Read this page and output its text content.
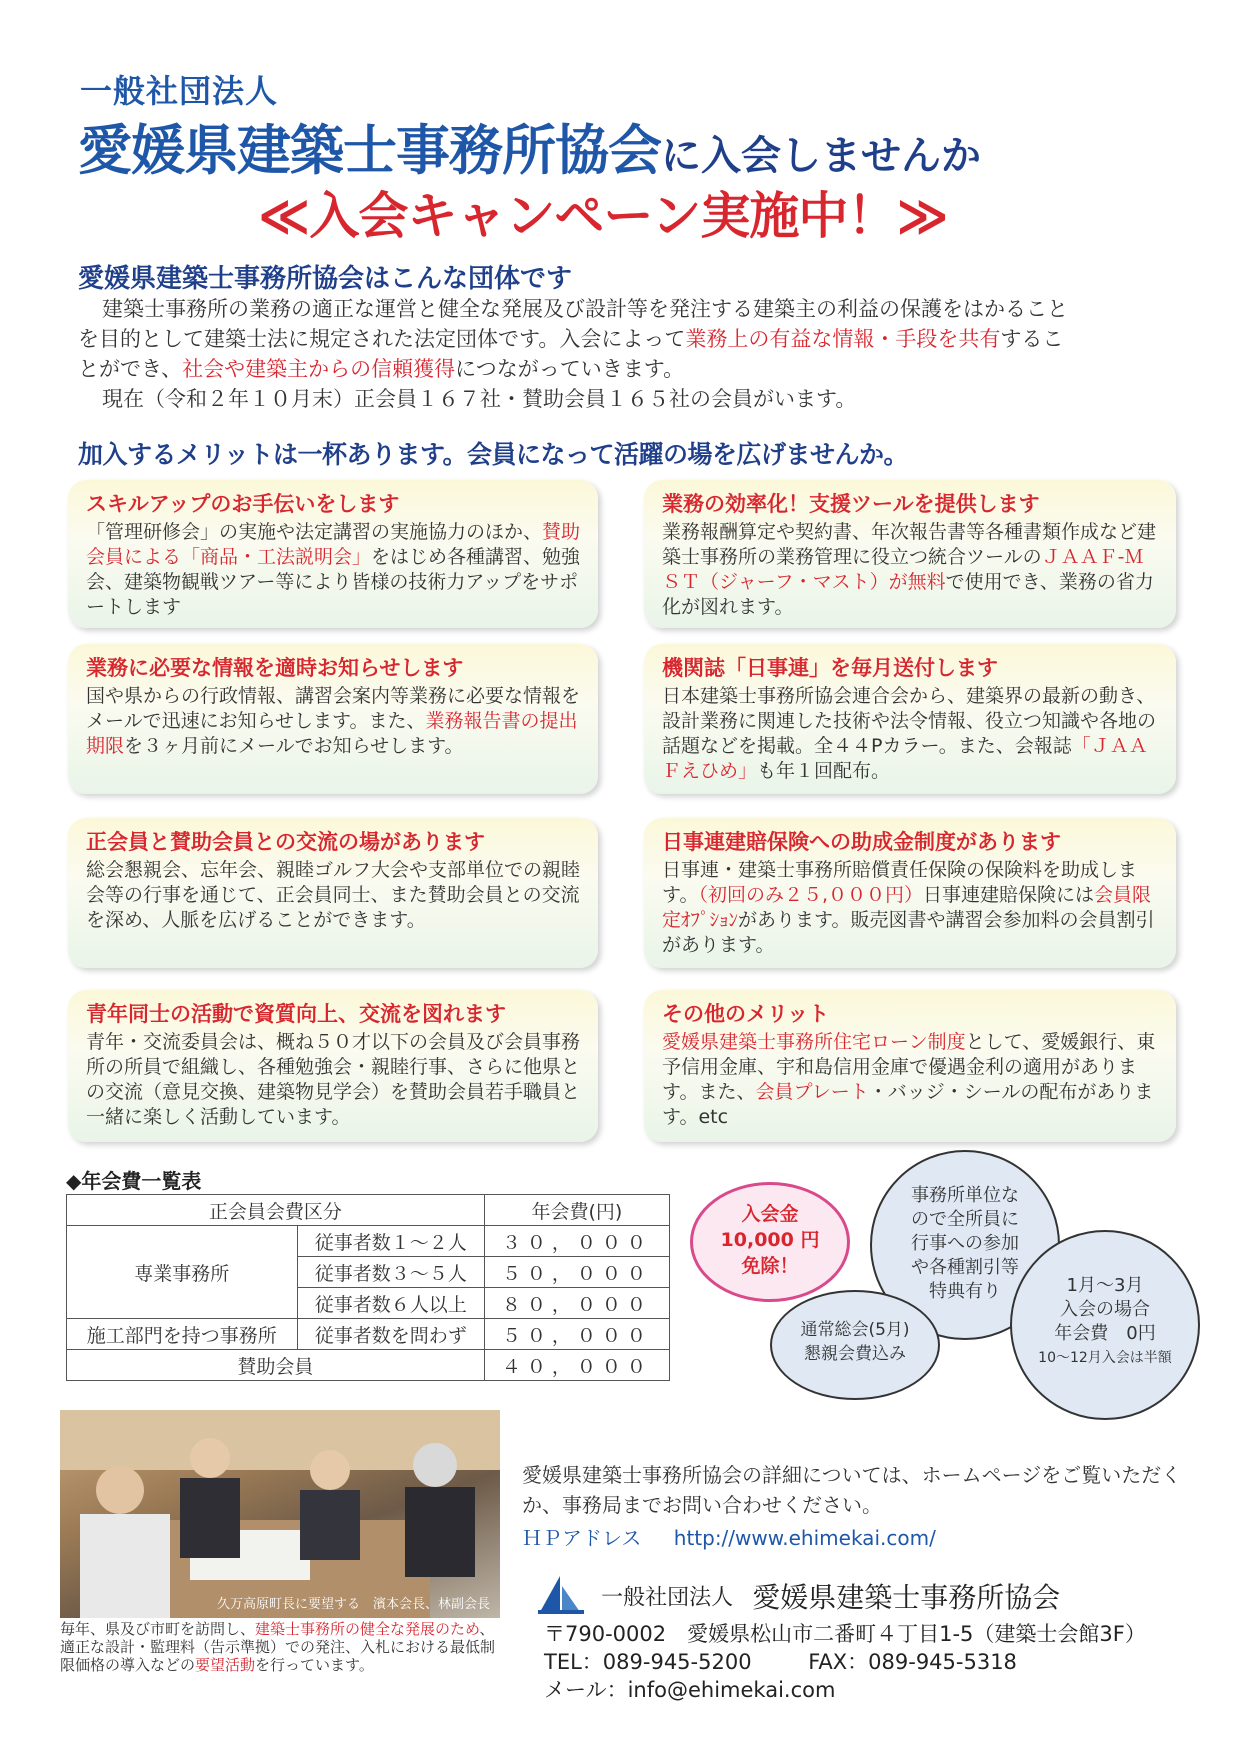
一般社団法人
愛媛県建築士事務所協会に入会しませんか
≪入会キャンペーン実施中！≫
愛媛県建築士事務所協会はこんな団体です
建築士事務所の業務の適正な運営と健全な発展及び設計等を発注する建築主の利益の保護をはかること
を目的として建築士法に規定された法定団体です。入会によって業務上の有益な情報・手段を共有するこ
とができ、社会や建築主からの信頼獲得につながっていきます。
現在（令和２年１０月末）正会員１６７社・賛助会員１６５社の会員がいます。
加入するメリットは一杯あります。会員になって活躍の場を広げませんか。
スキルアップのお手伝いをします
「管理研修会」の実施や法定講習の実施協力のほか、賛助会員による「商品・工法説明会」をはじめ各種講習、勉強会、建築物観戦ツアー等により皆様の技術力アップをサポートします
業務の効率化！支援ツールを提供します
業務報酬算定や契約書、年次報告書等各種書類作成など建築士事務所の業務管理に役立つ統合ツールのＪＡＡＦ-ＭＳＴ（ジャーフ・マスト）が無料で使用でき、業務の省力化が図れます。
業務に必要な情報を適時お知らせします
国や県からの行政情報、講習会案内等業務に必要な情報をメールで迅速にお知らせします。また、業務報告書の提出期限を３ヶ月前にメールでお知らせします。
機関誌「日事連」を毎月送付します
日本建築士事務所協会連合会から、建築界の最新の動き、設計業務に関連した技術や法令情報、役立つ知識や各地の話題などを掲載。全４４Pカラー。また、会報誌「ＪＡＡＦえひめ」も年１回配布。
正会員と賛助会員との交流の場があります
総会懇親会、忘年会、親睦ゴルフ大会や支部単位での親睦会等の行事を通じて、正会員同士、また賛助会員との交流を深め、人脈を広げることができます。
日事連建賠保険への助成金制度があります
日事連・建築士事務所賠償責任保険の保険料を助成します。（初回のみ２５,０００円）日事連建賠保険には会員限定ｵﾌﾟｼｮﾝがあります。販売図書や講習会参加料の会員割引があります。
青年同士の活動で資質向上、交流を図れます
青年・交流委員会は、概ね５０才以下の会員及び会員事務所の所員で組織し、各種勉強会・親睦行事、さらに他県との交流（意見交換、建築物見学会）を賛助会員若手職員と一緒に楽しく活動しています。
その他のメリット
愛媛県建築士事務所住宅ローン制度として、愛媛銀行、東予信用金庫、宇和島信用金庫で優遇金利の適用があります。また、会員プレート・バッジ・シールの配布があります。etc
◆年会費一覧表
正会員会費区分		年会費(円)
専業事務所	従事者数１～２人	３０，０００
	従事者数３～５人	５０，０００
	従事者数６人以上	８０，０００
施工部門を持つ事務所	従事者数を問わず	５０，０００
賛助会員		４０，０００
事務所単位な
ので全所員に
行事への参加
や各種割引等
特典有り	1月～3月
入会の場合
年会費　0円
10～12月入会は半額
通常総会(5月)
懇親会費込み
入会金
10,000 円
免除！
久万高原町長に要望する　濱本会長、林副会長
毎年、県及び市町を訪問し、建築士事務所の健全な発展のため、適正な設計・監理料（告示準拠）での発注、入札における最低制限価格の導入などの要望活動を行っています。
愛媛県建築士事務所協会の詳細については、ホームページをご覧いただくか、事務局までお問い合わせください。
ＨＰアドレス http://www.ehimekai.com/
一般社団法人 愛媛県建築士事務所協会
〒790-0002　愛媛県松山市二番町４丁目1-5（建築士会館3F）
TEL：089-945-5200	FAX：089-945-5318
メール：info@ehimekai.com
